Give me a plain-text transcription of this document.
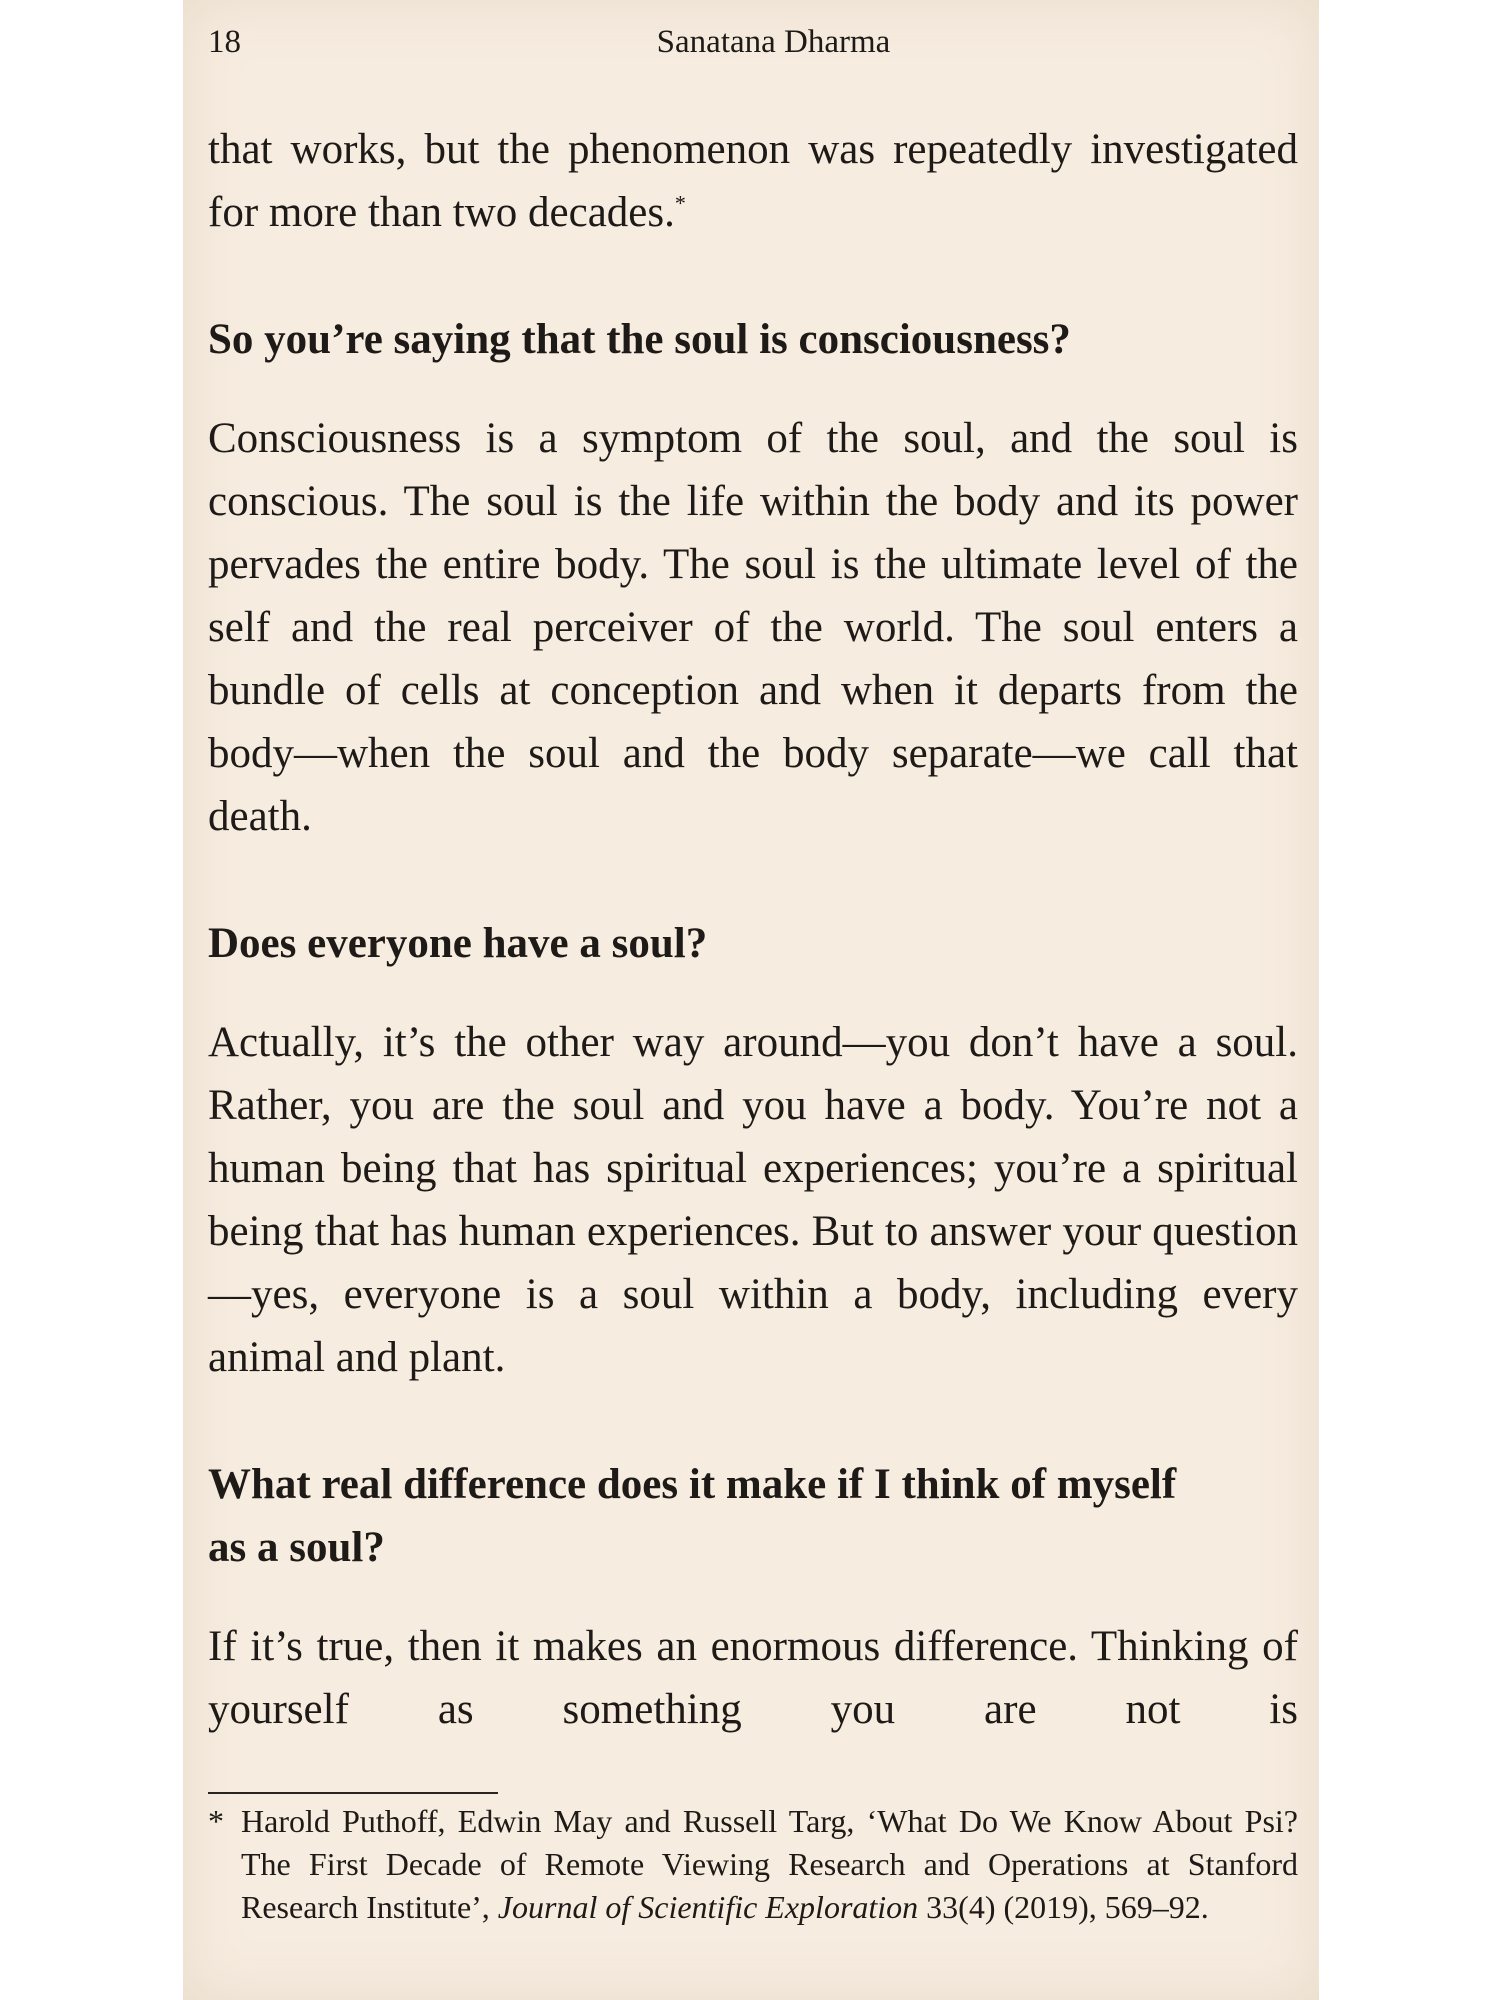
18	Sanatana Dharma

that works, but the phenomenon was repeatedly investigated for more than two decades.*

So you’re saying that the soul is consciousness?

Consciousness is a symptom of the soul, and the soul is conscious. The soul is the life within the body and its power pervades the entire body. The soul is the ultimate level of the self and the real perceiver of the world. The soul enters a bundle of cells at conception and when it departs from the body—when the soul and the body separate—we call that death.

Does everyone have a soul?

Actually, it’s the other way around—you don’t have a soul. Rather, you are the soul and you have a body. You’re not a human being that has spiritual experiences; you’re a spiritual being that has human experiences. But to answer your question—yes, everyone is a soul within a body, including every animal and plant.

What real difference does it make if I think of myself as a soul?

If it’s true, then it makes an enormous difference. Thinking of yourself as something you are not is

* Harold Puthoff, Edwin May and Russell Targ, ‘What Do We Know About Psi? The First Decade of Remote Viewing Research and Operations at Stanford Research Institute’, Journal of Scientific Exploration 33(4) (2019), 569–92.
